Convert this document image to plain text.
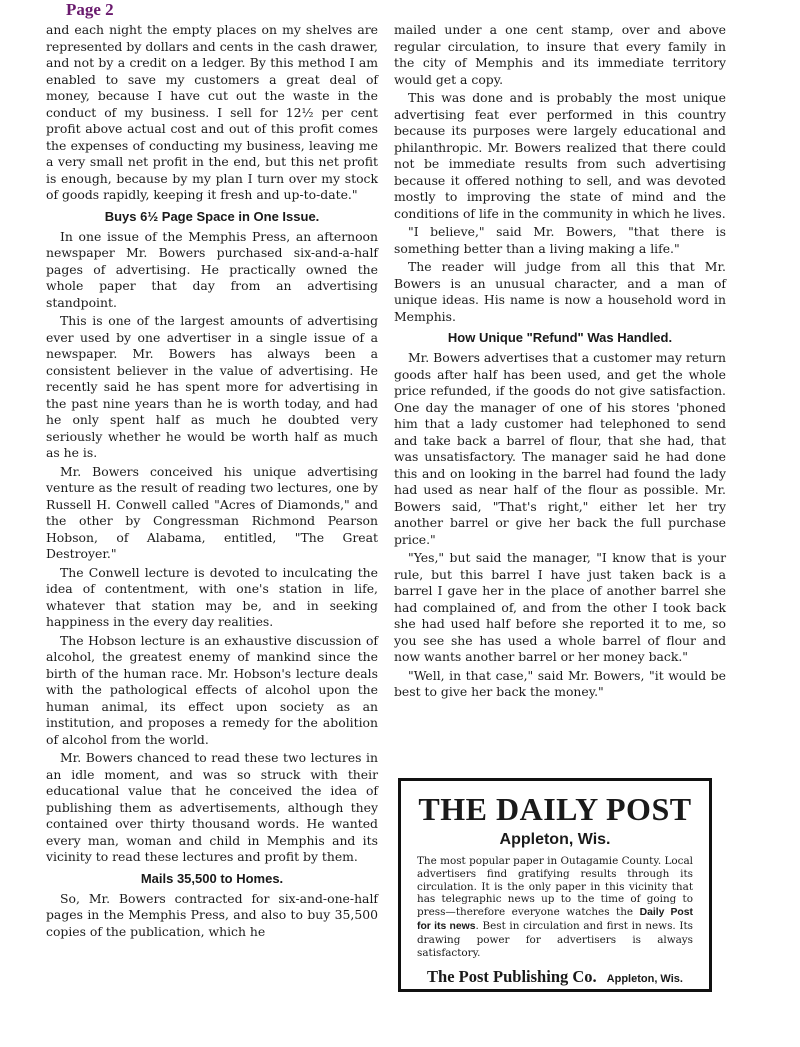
Page 2

and each night the empty places on my shelves are represented by dollars and cents in the cash drawer, and not by a credit on a ledger. By this method I am enabled to save my customers a great deal of money, because I have cut out the waste in the conduct of my business. I sell for 12½ per cent profit above actual cost and out of this profit comes the expenses of conducting my business, leaving me a very small net profit in the end, but this net profit is enough, because by my plan I turn over my stock of goods rapidly, keeping it fresh and up-to-date."

Buys 6½ Page Space in One Issue.

In one issue of the Memphis Press, an afternoon newspaper Mr. Bowers purchased six-and-a-half pages of advertising. He practically owned the whole paper that day from an advertising standpoint.

This is one of the largest amounts of advertising ever used by one advertiser in a single issue of a newspaper. Mr. Bowers has always been a consistent believer in the value of advertising. He recently said he has spent more for advertising in the past nine years than he is worth today, and had he only spent half as much he doubted very seriously whether he would be worth half as much as he is.

Mr. Bowers conceived his unique advertising venture as the result of reading two lectures, one by Russell H. Conwell called "Acres of Diamonds," and the other by Congressman Richmond Pearson Hobson, of Alabama, entitled, "The Great Destroyer."

The Conwell lecture is devoted to inculcating the idea of contentment, with one's station in life, whatever that station may be, and in seeking happiness in the every day realities.

The Hobson lecture is an exhaustive discussion of alcohol, the greatest enemy of mankind since the birth of the human race. Mr. Hobson's lecture deals with the pathological effects of alcohol upon the human animal, its effect upon society as an institution, and proposes a remedy for the abolition of alcohol from the world.

Mr. Bowers chanced to read these two lectures in an idle moment, and was so struck with their educational value that he conceived the idea of publishing them as advertisements, although they contained over thirty thousand words. He wanted every man, woman and child in Memphis and its vicinity to read these lectures and profit by them.

Mails 35,500 to Homes.

So, Mr. Bowers contracted for six-and-one-half pages in the Memphis Press, and also to buy 35,500 copies of the publication, which he

mailed under a one cent stamp, over and above regular circulation, to insure that every family in the city of Memphis and its immediate territory would get a copy.

This was done and is probably the most unique advertising feat ever performed in this country because its purposes were largely educational and philanthropic. Mr. Bowers realized that there could not be immediate results from such advertising because it offered nothing to sell, and was devoted mostly to improving the state of mind and the conditions of life in the community in which he lives.

"I believe," said Mr. Bowers, "that there is something better than a living making a life."

The reader will judge from all this that Mr. Bowers is an unusual character, and a man of unique ideas. His name is now a household word in Memphis.

How Unique "Refund" Was Handled.

Mr. Bowers advertises that a customer may return goods after half has been used, and get the whole price refunded, if the goods do not give satisfaction. One day the manager of one of his stores 'phoned him that a lady customer had telephoned to send and take back a barrel of flour, that she had, that was unsatisfactory. The manager said he had done this and on looking in the barrel had found the lady had used as near half of the flour as possible. Mr. Bowers said, "That's right," either let her try another barrel or give her back the full purchase price."

"Yes," but said the manager, "I know that is your rule, but this barrel I have just taken back is a barrel I gave her in the place of another barrel she had complained of, and from the other I took back she had used half before she reported it to me, so you see she has used a whole barrel of flour and now wants another barrel or her money back."

"Well, in that case," said Mr. Bowers, "it would be best to give her back the money."

THE DAILY POST
Appleton, Wis.
The most popular paper in Outagamie County. Local advertisers find gratifying results through its circulation. It is the only paper in this vicinity that has telegraphic news up to the time of going to press—therefore everyone watches the Daily Post for its news. Best in circulation and first in news. Its drawing power for advertisers is always satisfactory.
The Post Publishing Co. Appleton, Wis.
